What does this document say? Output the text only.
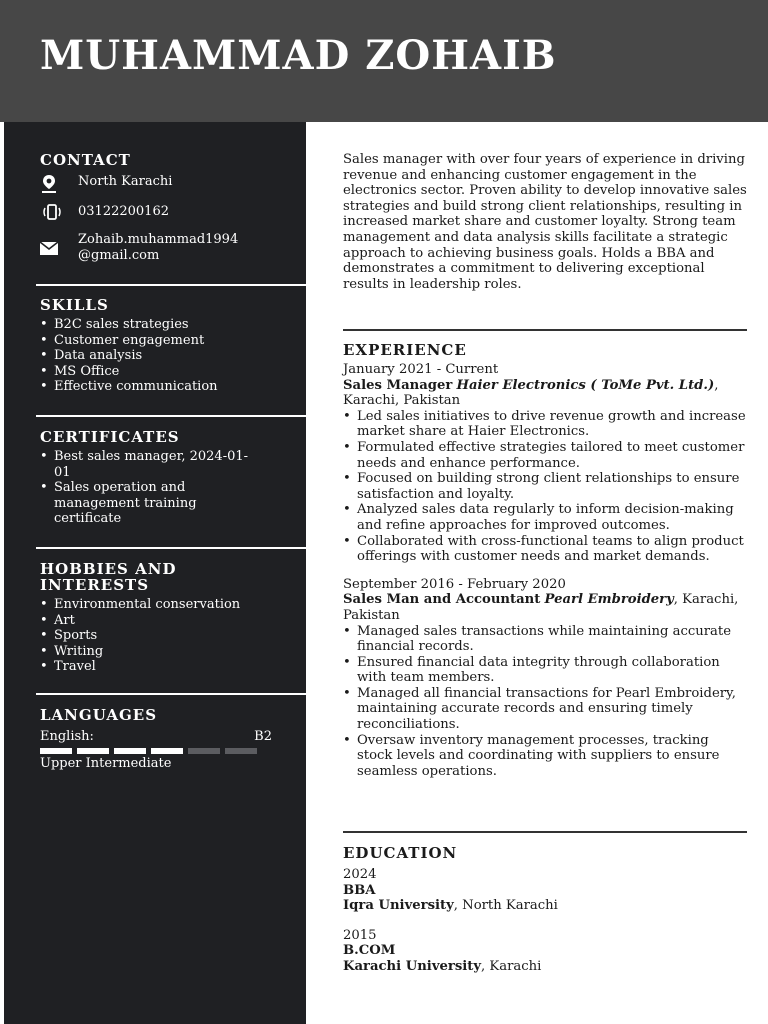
MUHAMMAD ZOHAIB
CONTACT
North Karachi
03122200162
Zohaib.muhammad1994
@gmail.com
SKILLS
• B2C sales strategies
• Customer engagement
• Data analysis
• MS Office
• Effective communication
CERTIFICATES
• Best sales manager, 2024-01-01
• Sales operation and management training certificate
HOBBIES AND
INTERESTS
• Environmental conservation
• Art
• Sports
• Writing
• Travel
LANGUAGES
English:	B2
Upper Intermediate
Sales manager with over four years of experience in driving revenue and enhancing customer engagement in the electronics sector. Proven ability to develop innovative sales strategies and build strong client relationships, resulting in increased market share and customer loyalty. Strong team management and data analysis skills facilitate a strategic approach to achieving business goals. Holds a BBA and demonstrates a commitment to delivering exceptional results in leadership roles.
EXPERIENCE
January 2021 - Current
Sales Manager Haier Electronics ( ToMe Pvt. Ltd.),
Karachi, Pakistan
• Led sales initiatives to drive revenue growth and increase market share at Haier Electronics.
• Formulated effective strategies tailored to meet customer needs and enhance performance.
• Focused on building strong client relationships to ensure satisfaction and loyalty.
• Analyzed sales data regularly to inform decision-making and refine approaches for improved outcomes.
• Collaborated with cross-functional teams to align product offerings with customer needs and market demands.
September 2016 - February 2020
Sales Man and Accountant Pearl Embroidery, Karachi,
Pakistan
• Managed sales transactions while maintaining accurate financial records.
• Ensured financial data integrity through collaboration with team members.
• Managed all financial transactions for Pearl Embroidery, maintaining accurate records and ensuring timely reconciliations.
• Oversaw inventory management processes, tracking stock levels and coordinating with suppliers to ensure seamless operations.
EDUCATION
2024
BBA
Iqra University, North Karachi
2015
B.COM
Karachi University, Karachi
